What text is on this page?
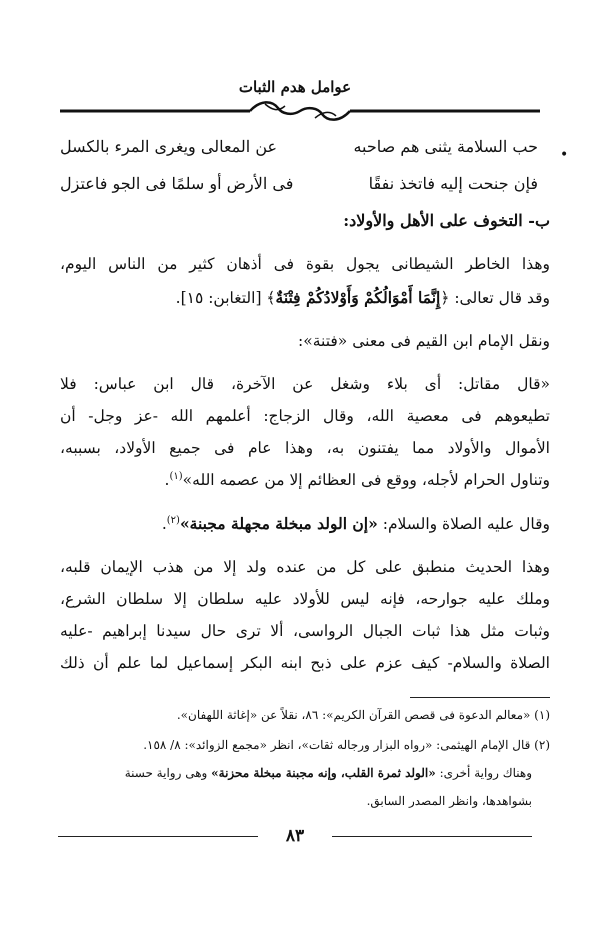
عوامل هدم الثبات
•
حب السلامة يثنى هم صاحبه
عن المعالى ويغرى المرء بالكسل
فإن جنحت إليه فاتخذ نفقًا
فى الأرض أو سلمًا فى الجو فاعتزل
ب- التخوف على الأهل والأولاد:
وهذا الخاطر الشيطانى يجول بقوة فى أذهان كثير من الناس اليوم،
وقد قال تعالى: ﴿إِنَّمَا أَمْوَالُكُمْ وَأَوْلادُكُمْ فِتْنَةٌ﴾ [التغابن: ١٥].
ونقل الإمام ابن القيم فى معنى «فتنة»:
«قال مقاتل: أى بلاء وشغل عن الآخرة، قال ابن عباس: فلا
تطيعوهم فى معصية الله، وقال الزجاج: أعلمهم الله -عز وجل- أن
الأموال والأولاد مما يفتنون به، وهذا عام فى جميع الأولاد، بسببه،
وتناول الحرام لأجله، ووقع فى العظائم إلا من عصمه الله»$^{(١)}$.
وقال عليه الصلاة والسلام: «إن الولد مبخلة مجهلة مجبنة»$^{(٢)}$.
وهذا الحديث منطبق على كل من عنده ولد إلا من هذب الإيمان قلبه،
وملك عليه جوارحه، فإنه ليس للأولاد عليه سلطان إلا سلطان الشرع،
وثبات مثل هذا ثبات الجبال الرواسى، ألا ترى حال سيدنا إبراهيم -عليه
الصلاة والسلام- كيف عزم على ذبح ابنه البكر إسماعيل لما علم أن ذلك
(١) «معالم الدعوة فى قصص القرآن الكريم»: ٨٦، نقلاً عن «إغاثة اللهفان».
(٢) قال الإمام الهيثمى: «رواه البزار ورجاله ثقات»، انظر «مجمع الزوائد»: ٨/ ١٥٨.
وهناك رواية أخرى: «الولد ثمرة القلب، وإنه مجبنة مبخلة محزنة» وهى رواية حسنة
بشواهدها، وانظر المصدر السابق.
٨٣
